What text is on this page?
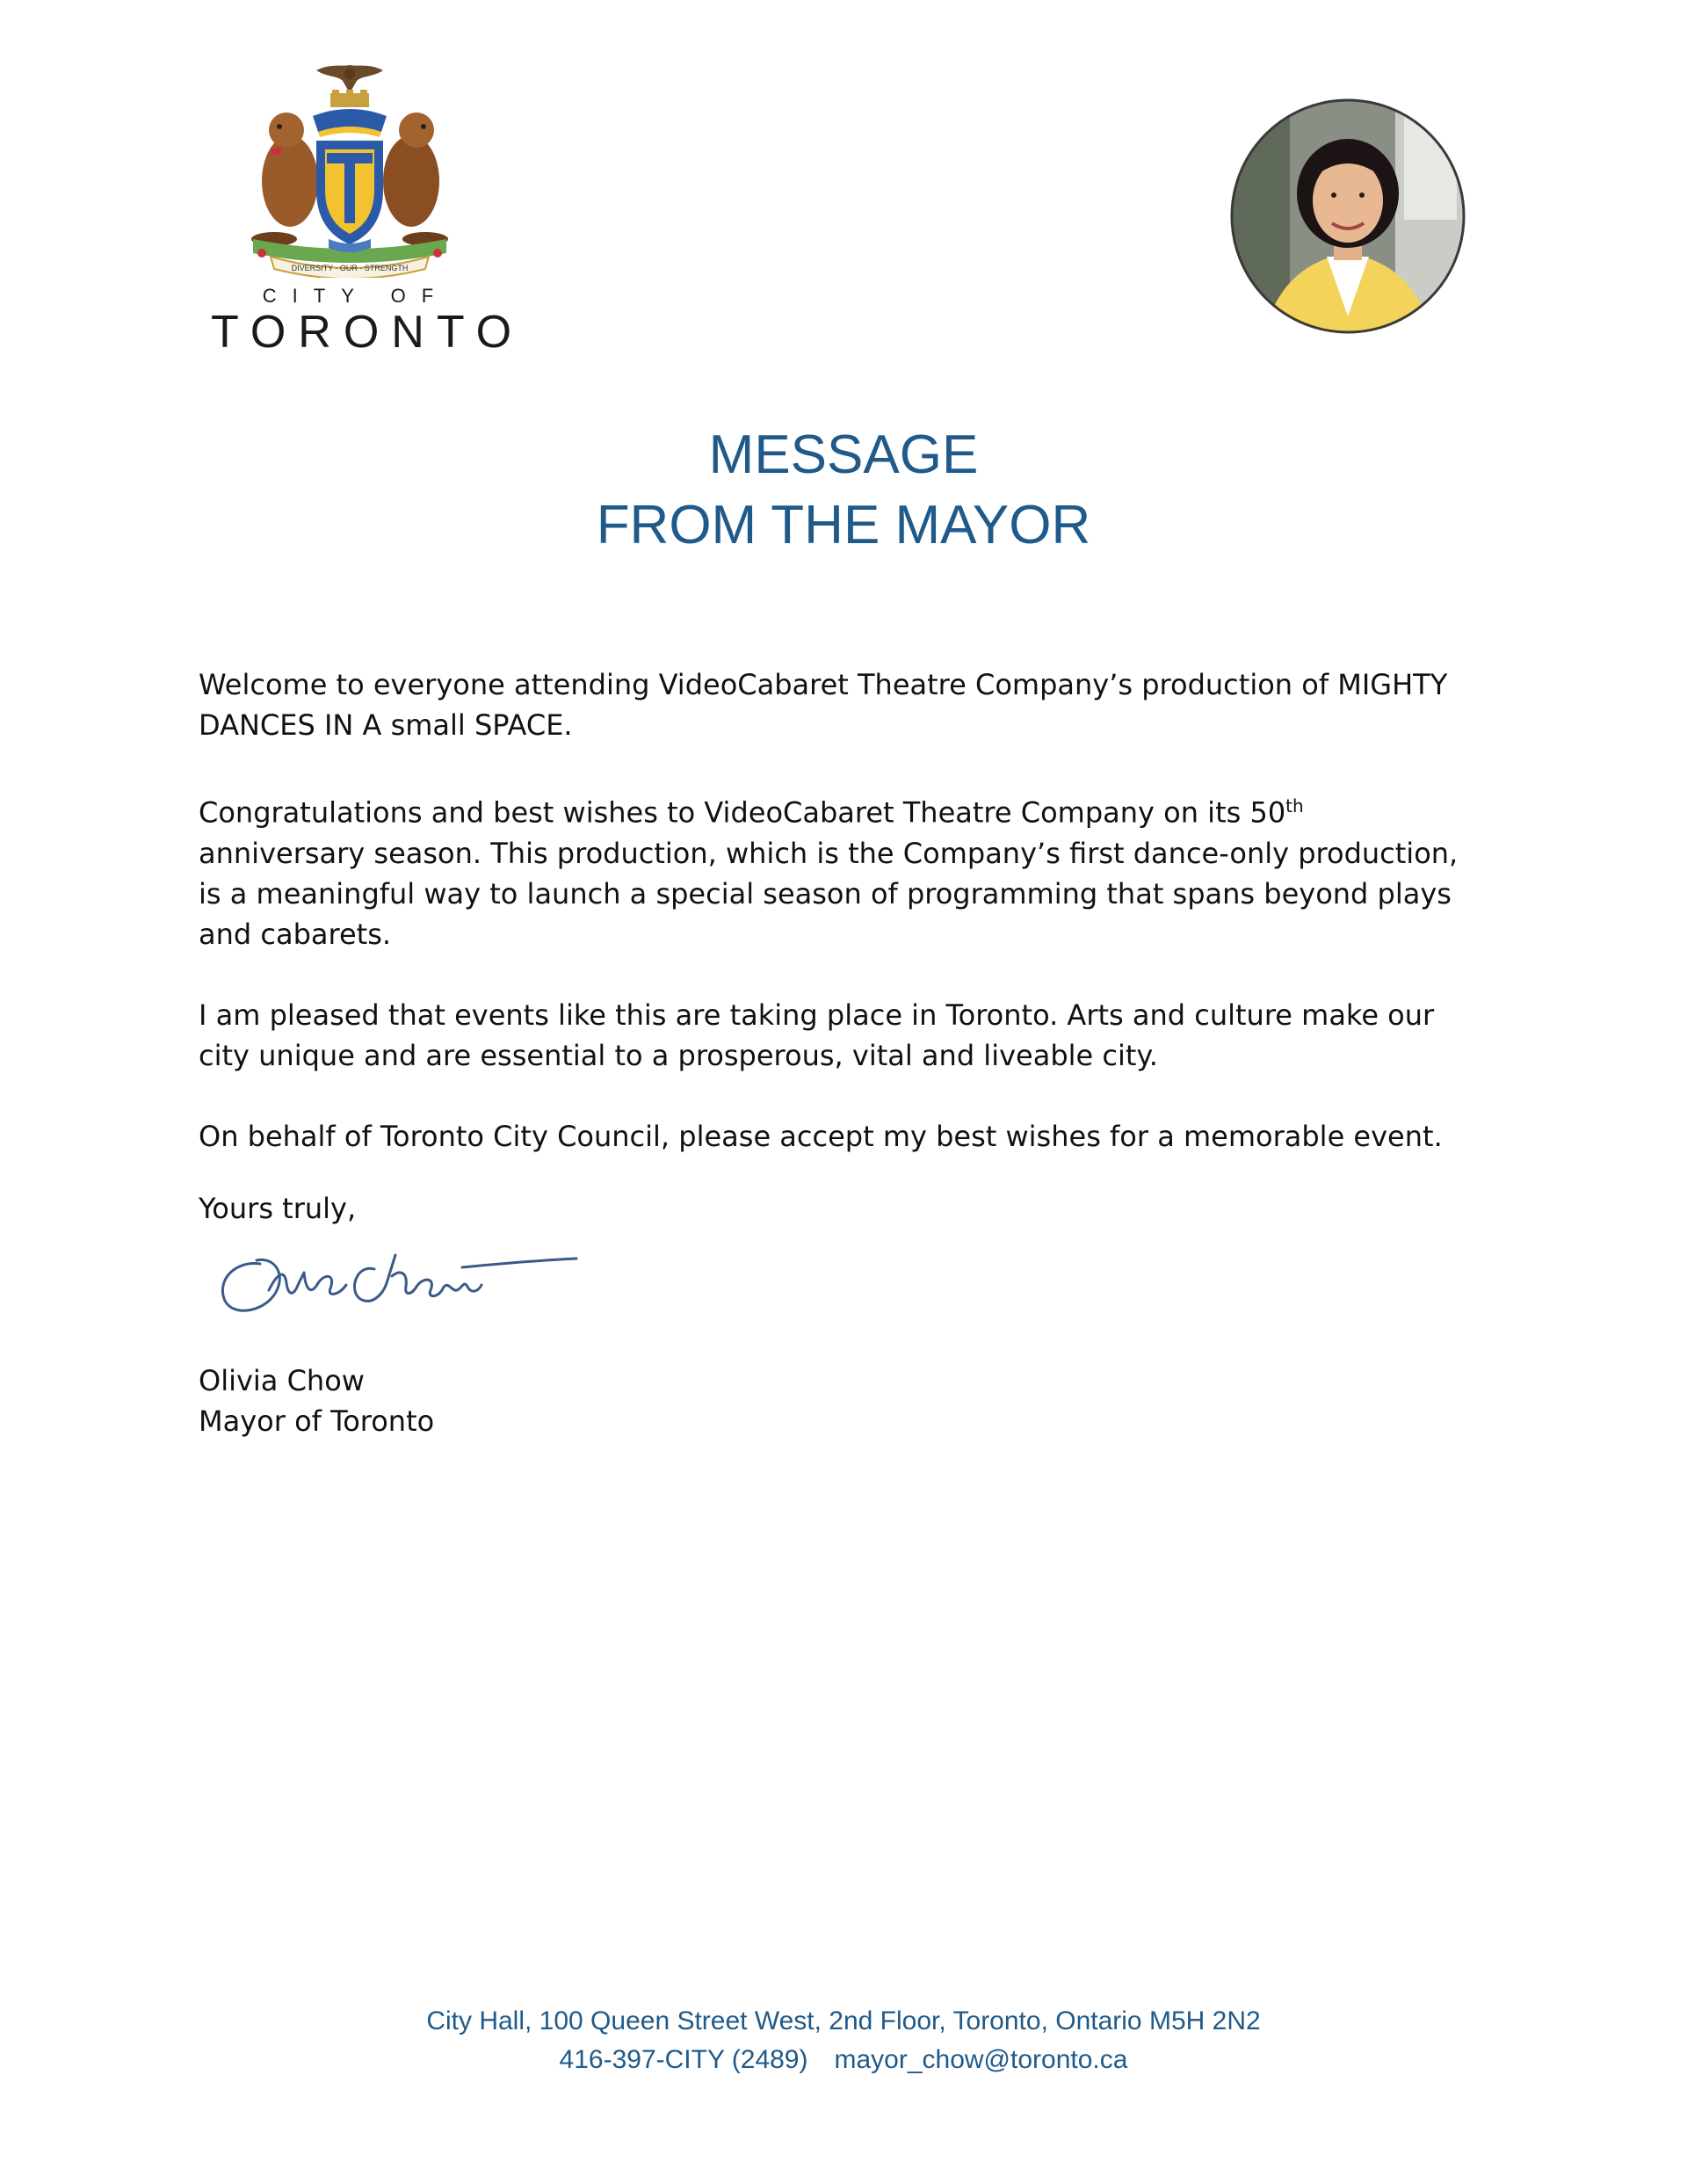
DIVERSITY · OUR · STRENGTH
CITY OF
TORONTO
MESSAGE
FROM THE MAYOR

Welcome to everyone attending VideoCabaret Theatre Company’s production of MIGHTY DANCES IN A small SPACE.

Congratulations and best wishes to VideoCabaret Theatre Company on its 50th anniversary season. This production, which is the Company’s first dance-only production, is a meaningful way to launch a special season of programming that spans beyond plays and cabarets.

I am pleased that events like this are taking place in Toronto. Arts and culture make our city unique and are essential to a prosperous, vital and liveable city.

On behalf of Toronto City Council, please accept my best wishes for a memorable event.

Yours truly,
Olivia Chow
Mayor of Toronto
City Hall, 100 Queen Street West, 2nd Floor, Toronto, Ontario M5H 2N2
416-397-CITY (2489) mayor_chow@toronto.ca
